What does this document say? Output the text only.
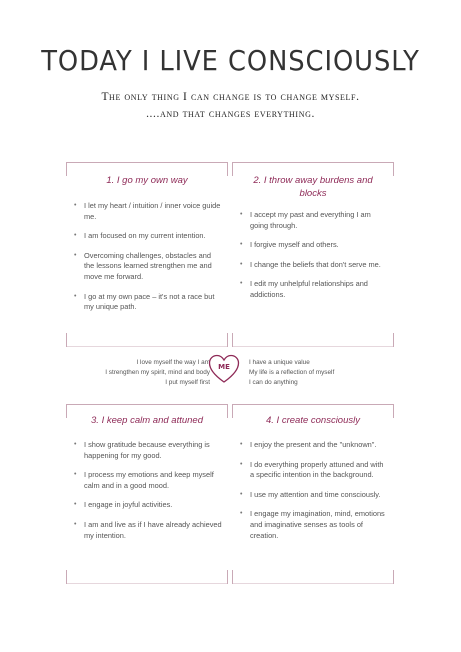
TODAY I LIVE CONSCIOUSLY
The only thing I can change is to change myself.
....and that changes everything.
1. I go my own way
• I let my heart / intuition / inner voice guide me.
• I am focused on my current intention.
• Overcoming challenges, obstacles and the lessons learned strengthen me and move me forward.
• I go at my own pace – it's not a race but my unique path.
2. I throw away burdens and blocks
• I accept my past and everything I am going through.
• I forgive myself and others.
• I change the beliefs that don't serve me.
• I edit my unhelpful relationships and addictions.
I love myself the way I am
I strengthen my spirit, mind and body
I put myself first
ME
I have a unique value
My life is a reflection of myself
I can do anything
3. I keep calm and attuned
• I show gratitude because everything is happening for my good.
• I process my emotions and keep myself calm and in a good mood.
• I engage in joyful activities.
• I am and live as if I have already achieved my intention.
4. I create consciously
• I enjoy the present and the "unknown".
• I do everything properly attuned and with a specific intention in the background.
• I use my attention and time consciously.
• I engage my imagination, mind, emotions and imaginative senses as tools of creation.
